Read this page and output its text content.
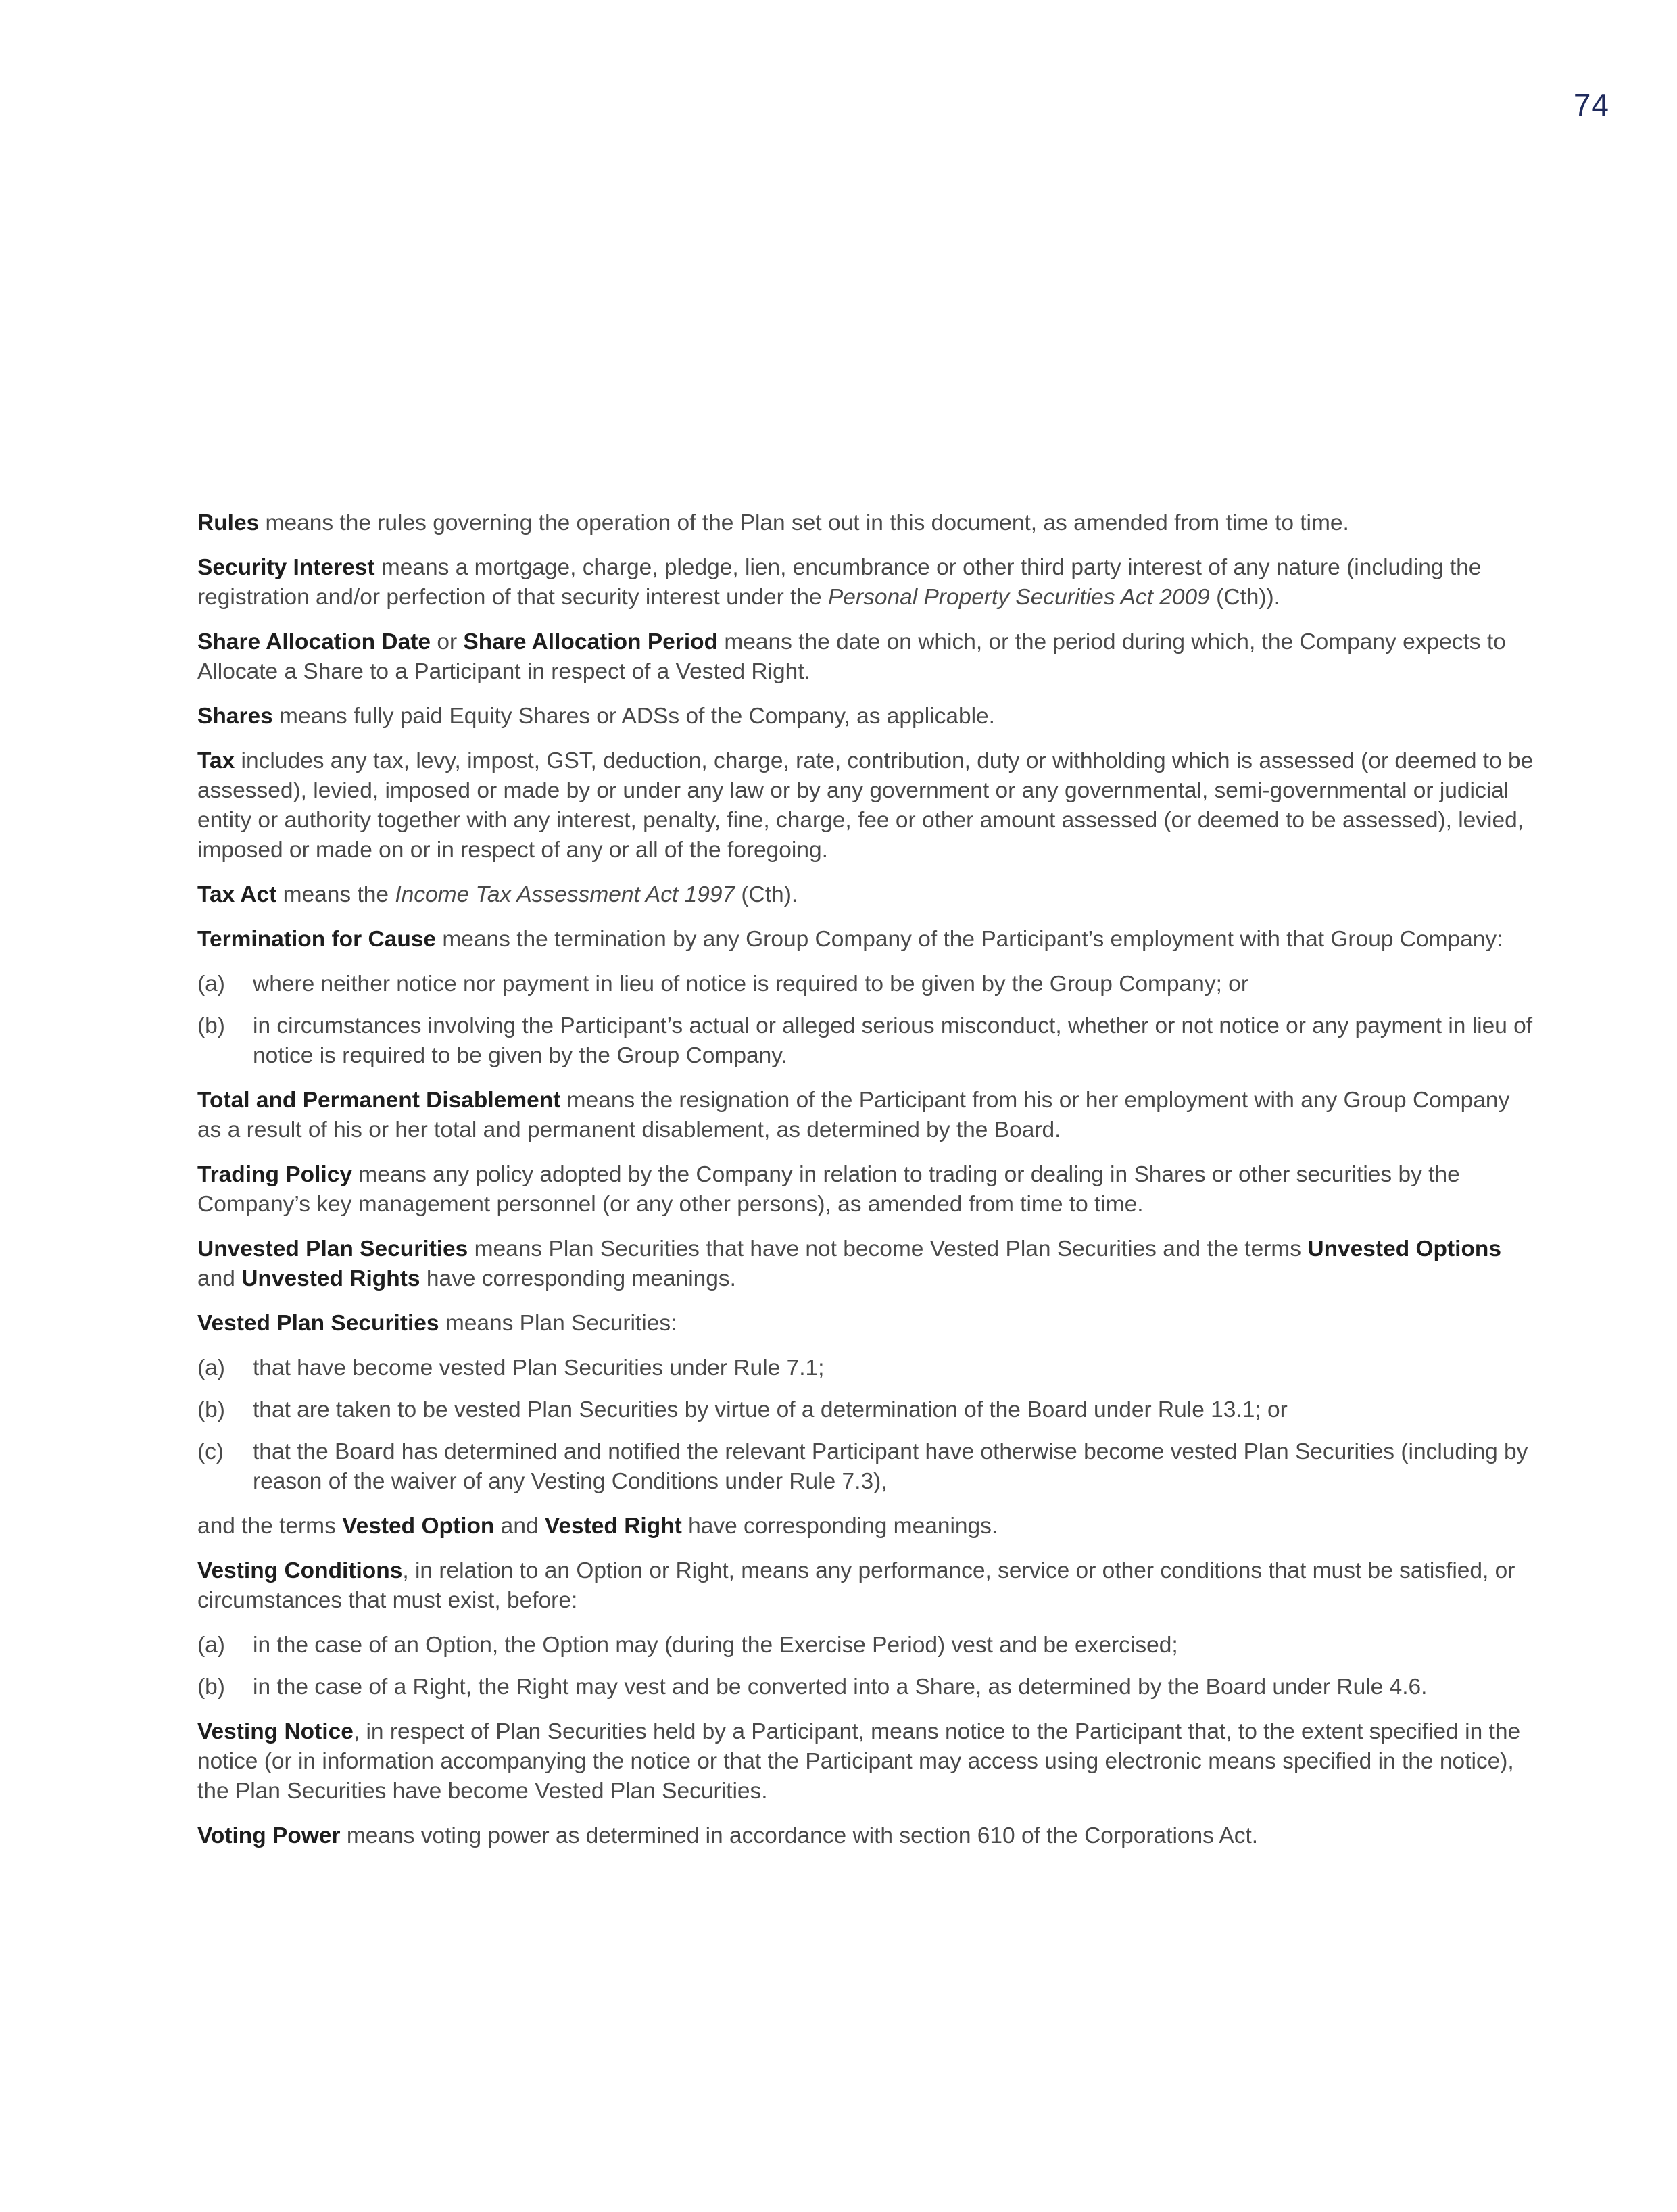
74

Rules means the rules governing the operation of the Plan set out in this document, as amended from time to time.

Security Interest means a mortgage, charge, pledge, lien, encumbrance or other third party interest of any nature (including the registration and/or perfection of that security interest under the Personal Property Securities Act 2009 (Cth)).

Share Allocation Date or Share Allocation Period means the date on which, or the period during which, the Company expects to Allocate a Share to a Participant in respect of a Vested Right.

Shares means fully paid Equity Shares or ADSs of the Company, as applicable.

Tax includes any tax, levy, impost, GST, deduction, charge, rate, contribution, duty or withholding which is assessed (or deemed to be assessed), levied, imposed or made by or under any law or by any government or any governmental, semi-governmental or judicial entity or authority together with any interest, penalty, fine, charge, fee or other amount assessed (or deemed to be assessed), levied, imposed or made on or in respect of any or all of the foregoing.

Tax Act means the Income Tax Assessment Act 1997 (Cth).

Termination for Cause means the termination by any Group Company of the Participant’s employment with that Group Company:

(a)	where neither notice nor payment in lieu of notice is required to be given by the Group Company; or
(b)	in circumstances involving the Participant’s actual or alleged serious misconduct, whether or not notice or any payment in lieu of notice is required to be given by the Group Company.

Total and Permanent Disablement means the resignation of the Participant from his or her employment with any Group Company as a result of his or her total and permanent disablement, as determined by the Board.

Trading Policy means any policy adopted by the Company in relation to trading or dealing in Shares or other securities by the Company’s key management personnel (or any other persons), as amended from time to time.

Unvested Plan Securities means Plan Securities that have not become Vested Plan Securities and the terms Unvested Options and Unvested Rights have corresponding meanings.

Vested Plan Securities means Plan Securities:

(a)	that have become vested Plan Securities under Rule 7.1;
(b)	that are taken to be vested Plan Securities by virtue of a determination of the Board under Rule 13.1; or
(c)	that the Board has determined and notified the relevant Participant have otherwise become vested Plan Securities (including by reason of the waiver of any Vesting Conditions under Rule 7.3),

and the terms Vested Option and Vested Right have corresponding meanings.

Vesting Conditions, in relation to an Option or Right, means any performance, service or other conditions that must be satisfied, or circumstances that must exist, before:

(a)	in the case of an Option, the Option may (during the Exercise Period) vest and be exercised;
(b)	in the case of a Right, the Right may vest and be converted into a Share, as determined by the Board under Rule 4.6.

Vesting Notice, in respect of Plan Securities held by a Participant, means notice to the Participant that, to the extent specified in the notice (or in information accompanying the notice or that the Participant may access using electronic means specified in the notice), the Plan Securities have become Vested Plan Securities.

Voting Power means voting power as determined in accordance with section 610 of the Corporations Act.
